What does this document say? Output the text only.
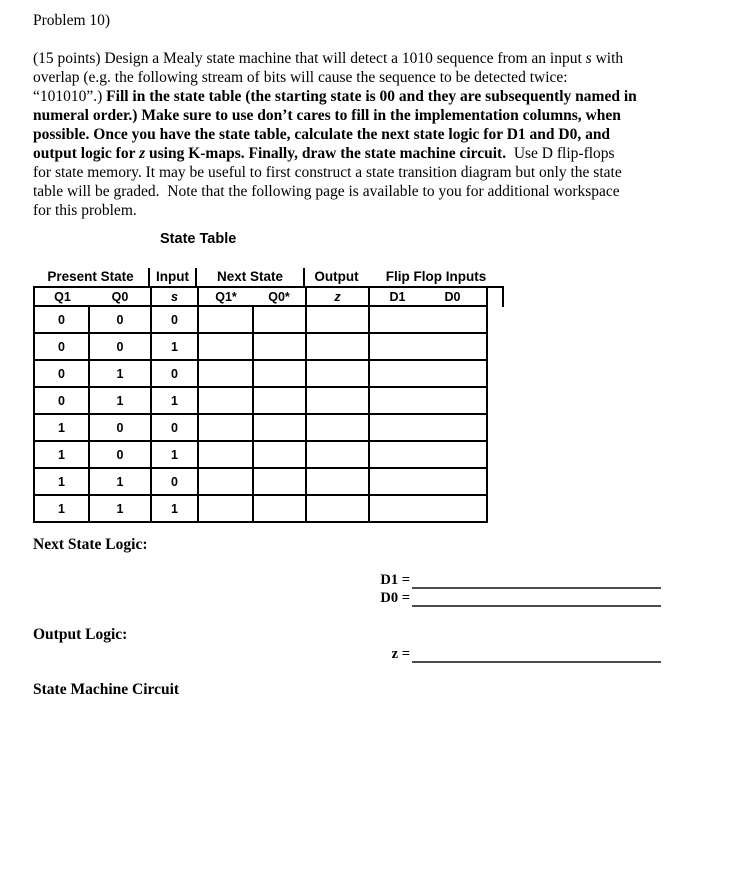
Problem 10)
(15 points) Design a Mealy state machine that will detect a 1010 sequence from an input s with
overlap (e.g. the following stream of bits will cause the sequence to be detected twice:
“101010”.) Fill in the state table (the starting state is 00 and they are subsequently named in
numeral order.) Make sure to use don’t cares to fill in the implementation columns, when
possible. Once you have the state table, calculate the next state logic for D1 and D0, and
output logic for z using K-maps. Finally, draw the state machine circuit.  Use D flip-flops
for state memory. It may be useful to first construct a state transition diagram but only the state
table will be graded.  Note that the following page is available to you for additional workspace
for this problem.
State Table
Present State	Input	Next State	Output	Flip Flop Inputs
Q1 Q0		s	Q1* Q0*		z	D1 D0

0	0	0				
0	0	1				
0	1	0				
0	1	1				
1	0	0				
1	0	1				
1	1	0				
1	1	1				
Next State Logic:
D1 =
D0 =
Output Logic:
z =
State Machine Circuit
